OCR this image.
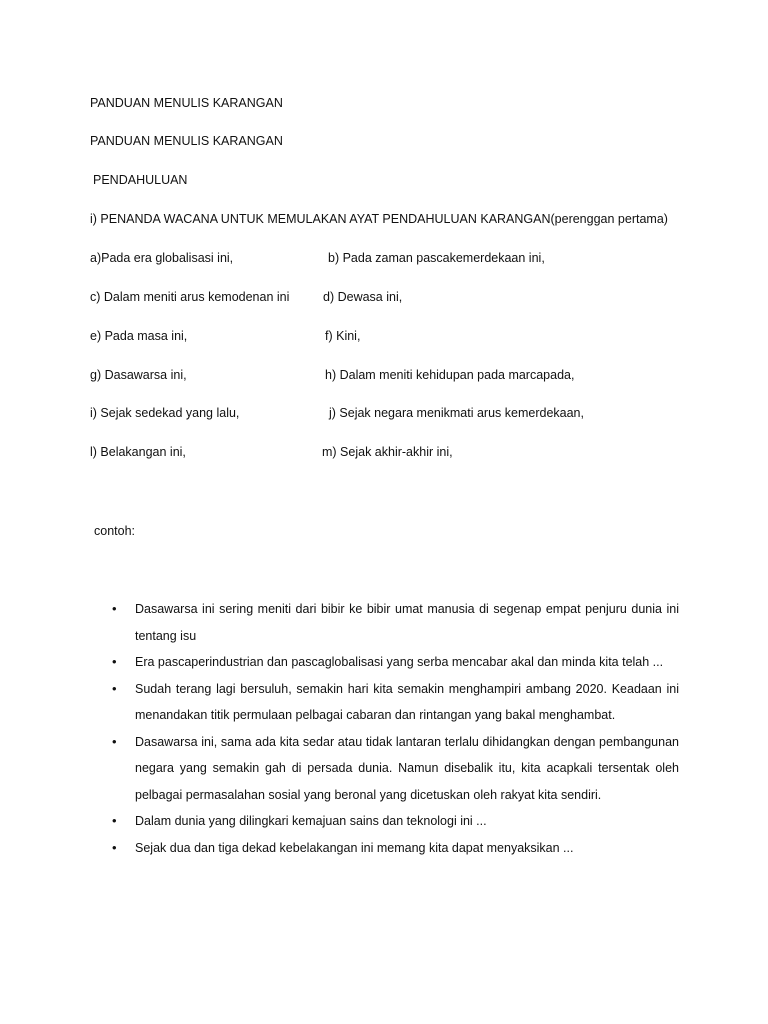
PANDUAN MENULIS KARANGAN
PANDUAN MENULIS KARANGAN
PENDAHULUAN
i) PENANDA WACANA UNTUK MEMULAKAN AYAT PENDAHULUAN KARANGAN(perenggan pertama)
a)Pada era globalisasi ini,	b) Pada zaman pascakemerdekaan ini,
c) Dalam meniti arus kemodenan ini	d) Dewasa ini,
e) Pada masa ini,	f) Kini,
g) Dasawarsa ini,	h) Dalam meniti kehidupan pada marcapada,
i) Sejak sedekad yang lalu,	j) Sejak negara menikmati arus kemerdekaan,
l) Belakangan ini,	m) Sejak akhir-akhir ini,
contoh:
• Dasawarsa ini sering meniti dari bibir ke bibir umat manusia di segenap empat penjuru dunia ini tentang isu
• Era pascaperindustrian dan pascaglobalisasi yang serba mencabar akal dan minda kita telah ...
• Sudah terang lagi bersuluh, semakin hari kita semakin menghampiri ambang 2020. Keadaan ini menandakan titik permulaan pelbagai cabaran dan rintangan yang bakal menghambat.
• Dasawarsa ini, sama ada kita sedar atau tidak lantaran terlalu dihidangkan dengan pembangunan negara yang semakin gah di persada dunia. Namun disebalik itu, kita acapkali tersentak oleh pelbagai permasalahan sosial yang beronal yang dicetuskan oleh rakyat kita sendiri.
• Dalam dunia yang dilingkari kemajuan sains dan teknologi ini ...
• Sejak dua dan tiga dekad kebelakangan ini memang kita dapat menyaksikan ...
